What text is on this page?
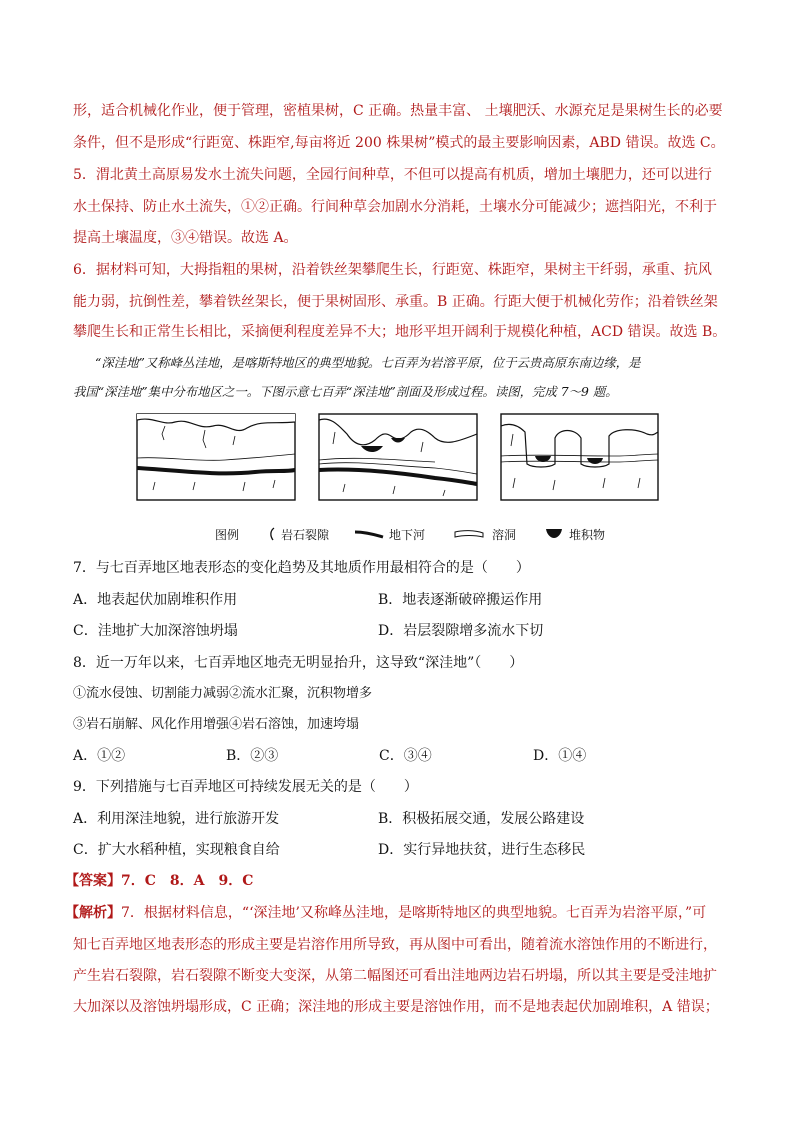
形，适合机械化作业，便于管理，密植果树，C 正确。热量丰富、 土壤肥沃、水源充足是果树生长的必要
条件，但不是形成“行距宽、株距窄,每亩将近 200 株果树”模式的最主要影响因素，ABD 错误。故选 C。
5．渭北黄土高原易发水土流失问题，全园行间种草，不但可以提高有机质，增加土壤肥力，还可以进行
水土保持、防止水土流失，①②正确。行间种草会加剧水分消耗，土壤水分可能减少；遮挡阳光，不利于
提高土壤温度，③④错误。故选 A。
6．据材料可知，大拇指粗的果树，沿着铁丝架攀爬生长，行距宽、株距窄，果树主干纤弱，承重、抗风
能力弱，抗倒性差，攀着铁丝架长，便于果树固形、承重。B 正确。行距大便于机械化劳作；沿着铁丝架
攀爬生长和正常生长相比，采摘便利程度差异不大；地形平坦开阔利于规模化种植，ACD 错误。故选 B。
“深洼地”又称峰丛洼地，是喀斯特地区的典型地貌。七百弄为岩溶平原，位于云贵高原东南边缘，是
我国“深洼地”集中分布地区之一。下图示意七百弄“深洼地”剖面及形成过程。读图，完成 7～9 题。
图例	岩石裂隙	地下河	溶洞	堆积物
7．与七百弄地区地表形态的变化趋势及其地质作用最相符合的是（　　）
A．地表起伏加剧堆积作用	B．地表逐渐破碎搬运作用
C．洼地扩大加深溶蚀坍塌	D．岩层裂隙增多流水下切
8．近一万年以来，七百弄地区地壳无明显抬升，这导致“深洼地”（　　）
①流水侵蚀、切割能力减弱②流水汇聚，沉积物增多
③岩石崩解、风化作用增强④岩石溶蚀，加速垮塌
A．①②	B．②③	C．③④	D．①④
9．下列措施与七百弄地区可持续发展无关的是（　　）
A．利用深洼地貌，进行旅游开发	B．积极拓展交通，发展公路建设
C．扩大水稻种植，实现粮食自给	D．实行异地扶贫，进行生态移民
【答案】7．C　8．A　9．C
【解析】7．根据材料信息，“‘深洼地’又称峰丛洼地，是喀斯特地区的典型地貌。七百弄为岩溶平原，”可
知七百弄地区地表形态的形成主要是岩溶作用所导致，再从图中可看出，随着流水溶蚀作用的不断进行，
产生岩石裂隙，岩石裂隙不断变大变深，从第二幅图还可看出洼地两边岩石坍塌，所以其主要是受洼地扩
大加深以及溶蚀坍塌形成，C 正确；深洼地的形成主要是溶蚀作用，而不是地表起伏加剧堆积，A 错误；
